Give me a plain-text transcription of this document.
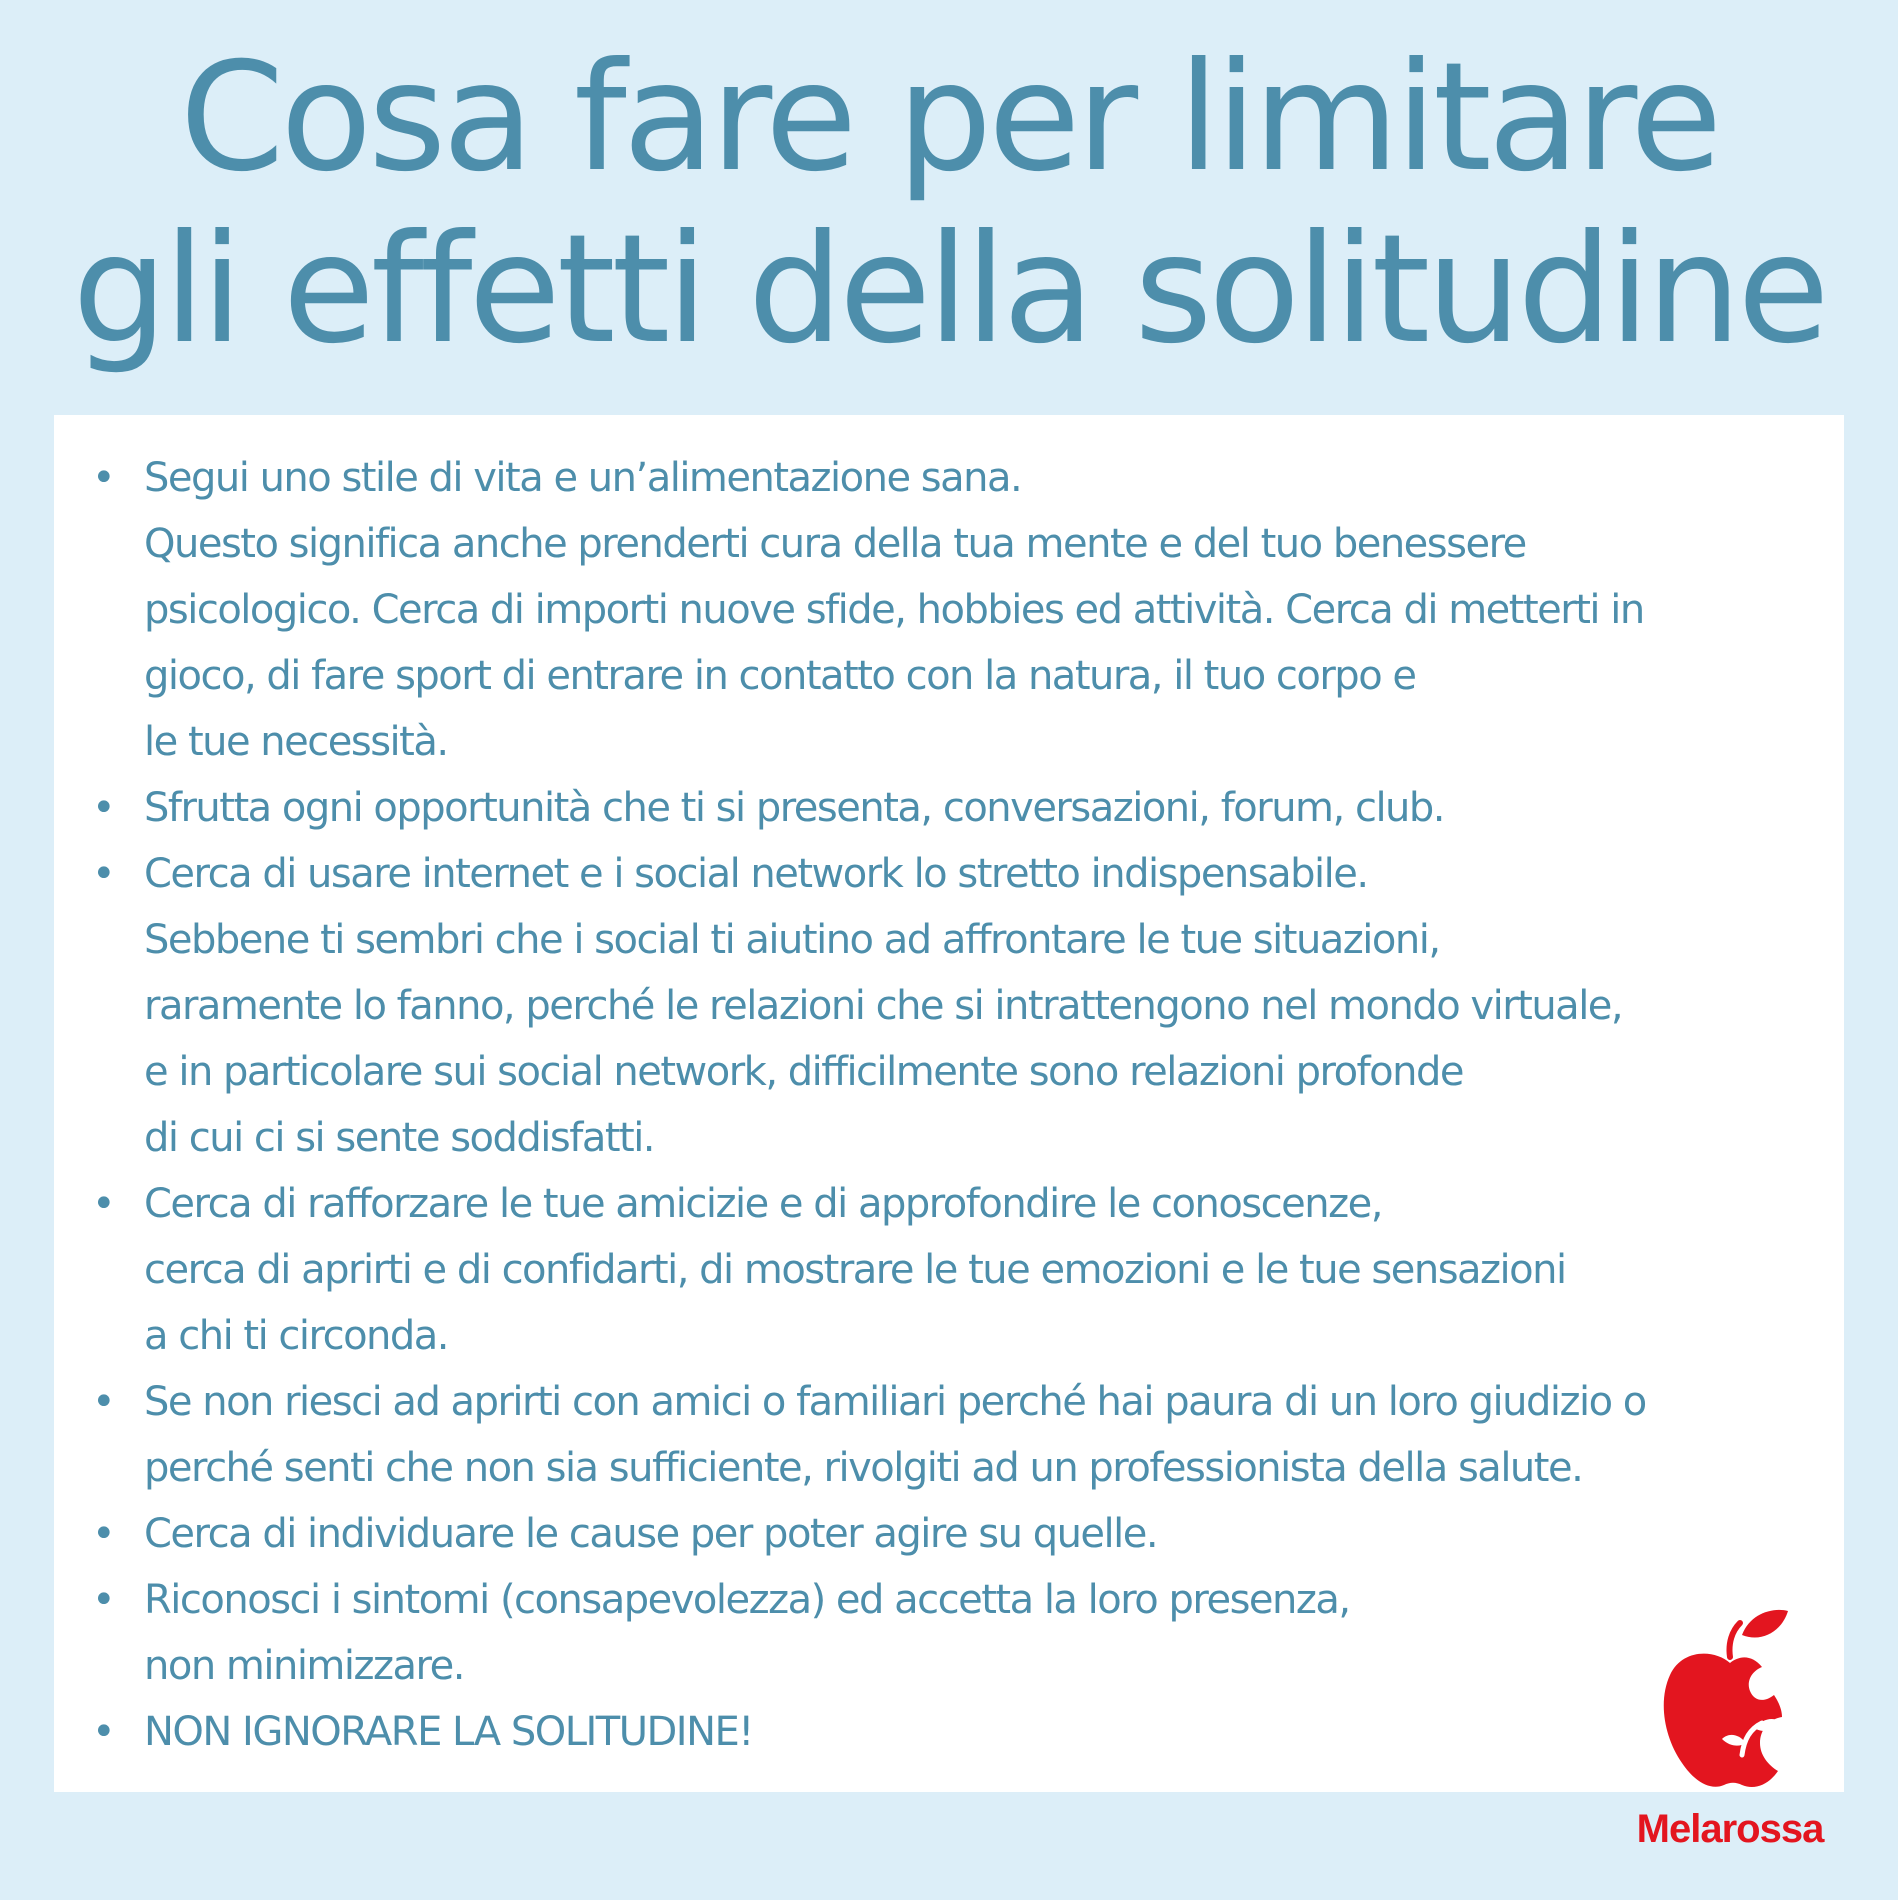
Cosa fare per limitare
gli effetti della solitudine
• Segui uno stile di vita e un’alimentazione sana.
Questo significa anche prenderti cura della tua mente e del tuo benessere
psicologico. Cerca di importi nuove sfide, hobbies ed attività. Cerca di metterti in
gioco, di fare sport di entrare in contatto con la natura, il tuo corpo e
le tue necessità.
• Sfrutta ogni opportunità che ti si presenta, conversazioni, forum, club.
• Cerca di usare internet e i social network lo stretto indispensabile.
Sebbene ti sembri che i social ti aiutino ad affrontare le tue situazioni,
raramente lo fanno, perché le relazioni che si intrattengono nel mondo virtuale,
e in particolare sui social network, difficilmente sono relazioni profonde
di cui ci si sente soddisfatti.
• Cerca di rafforzare le tue amicizie e di approfondire le conoscenze,
cerca di aprirti e di confidarti, di mostrare le tue emozioni e le tue sensazioni
a chi ti circonda.
• Se non riesci ad aprirti con amici o familiari perché hai paura di un loro giudizio o
perché senti che non sia sufficiente, rivolgiti ad un professionista della salute.
• Cerca di individuare le cause per poter agire su quelle.
• Riconosci i sintomi (consapevolezza) ed accetta la loro presenza,
non minimizzare.
• NON IGNORARE LA SOLITUDINE!
Melarossa
